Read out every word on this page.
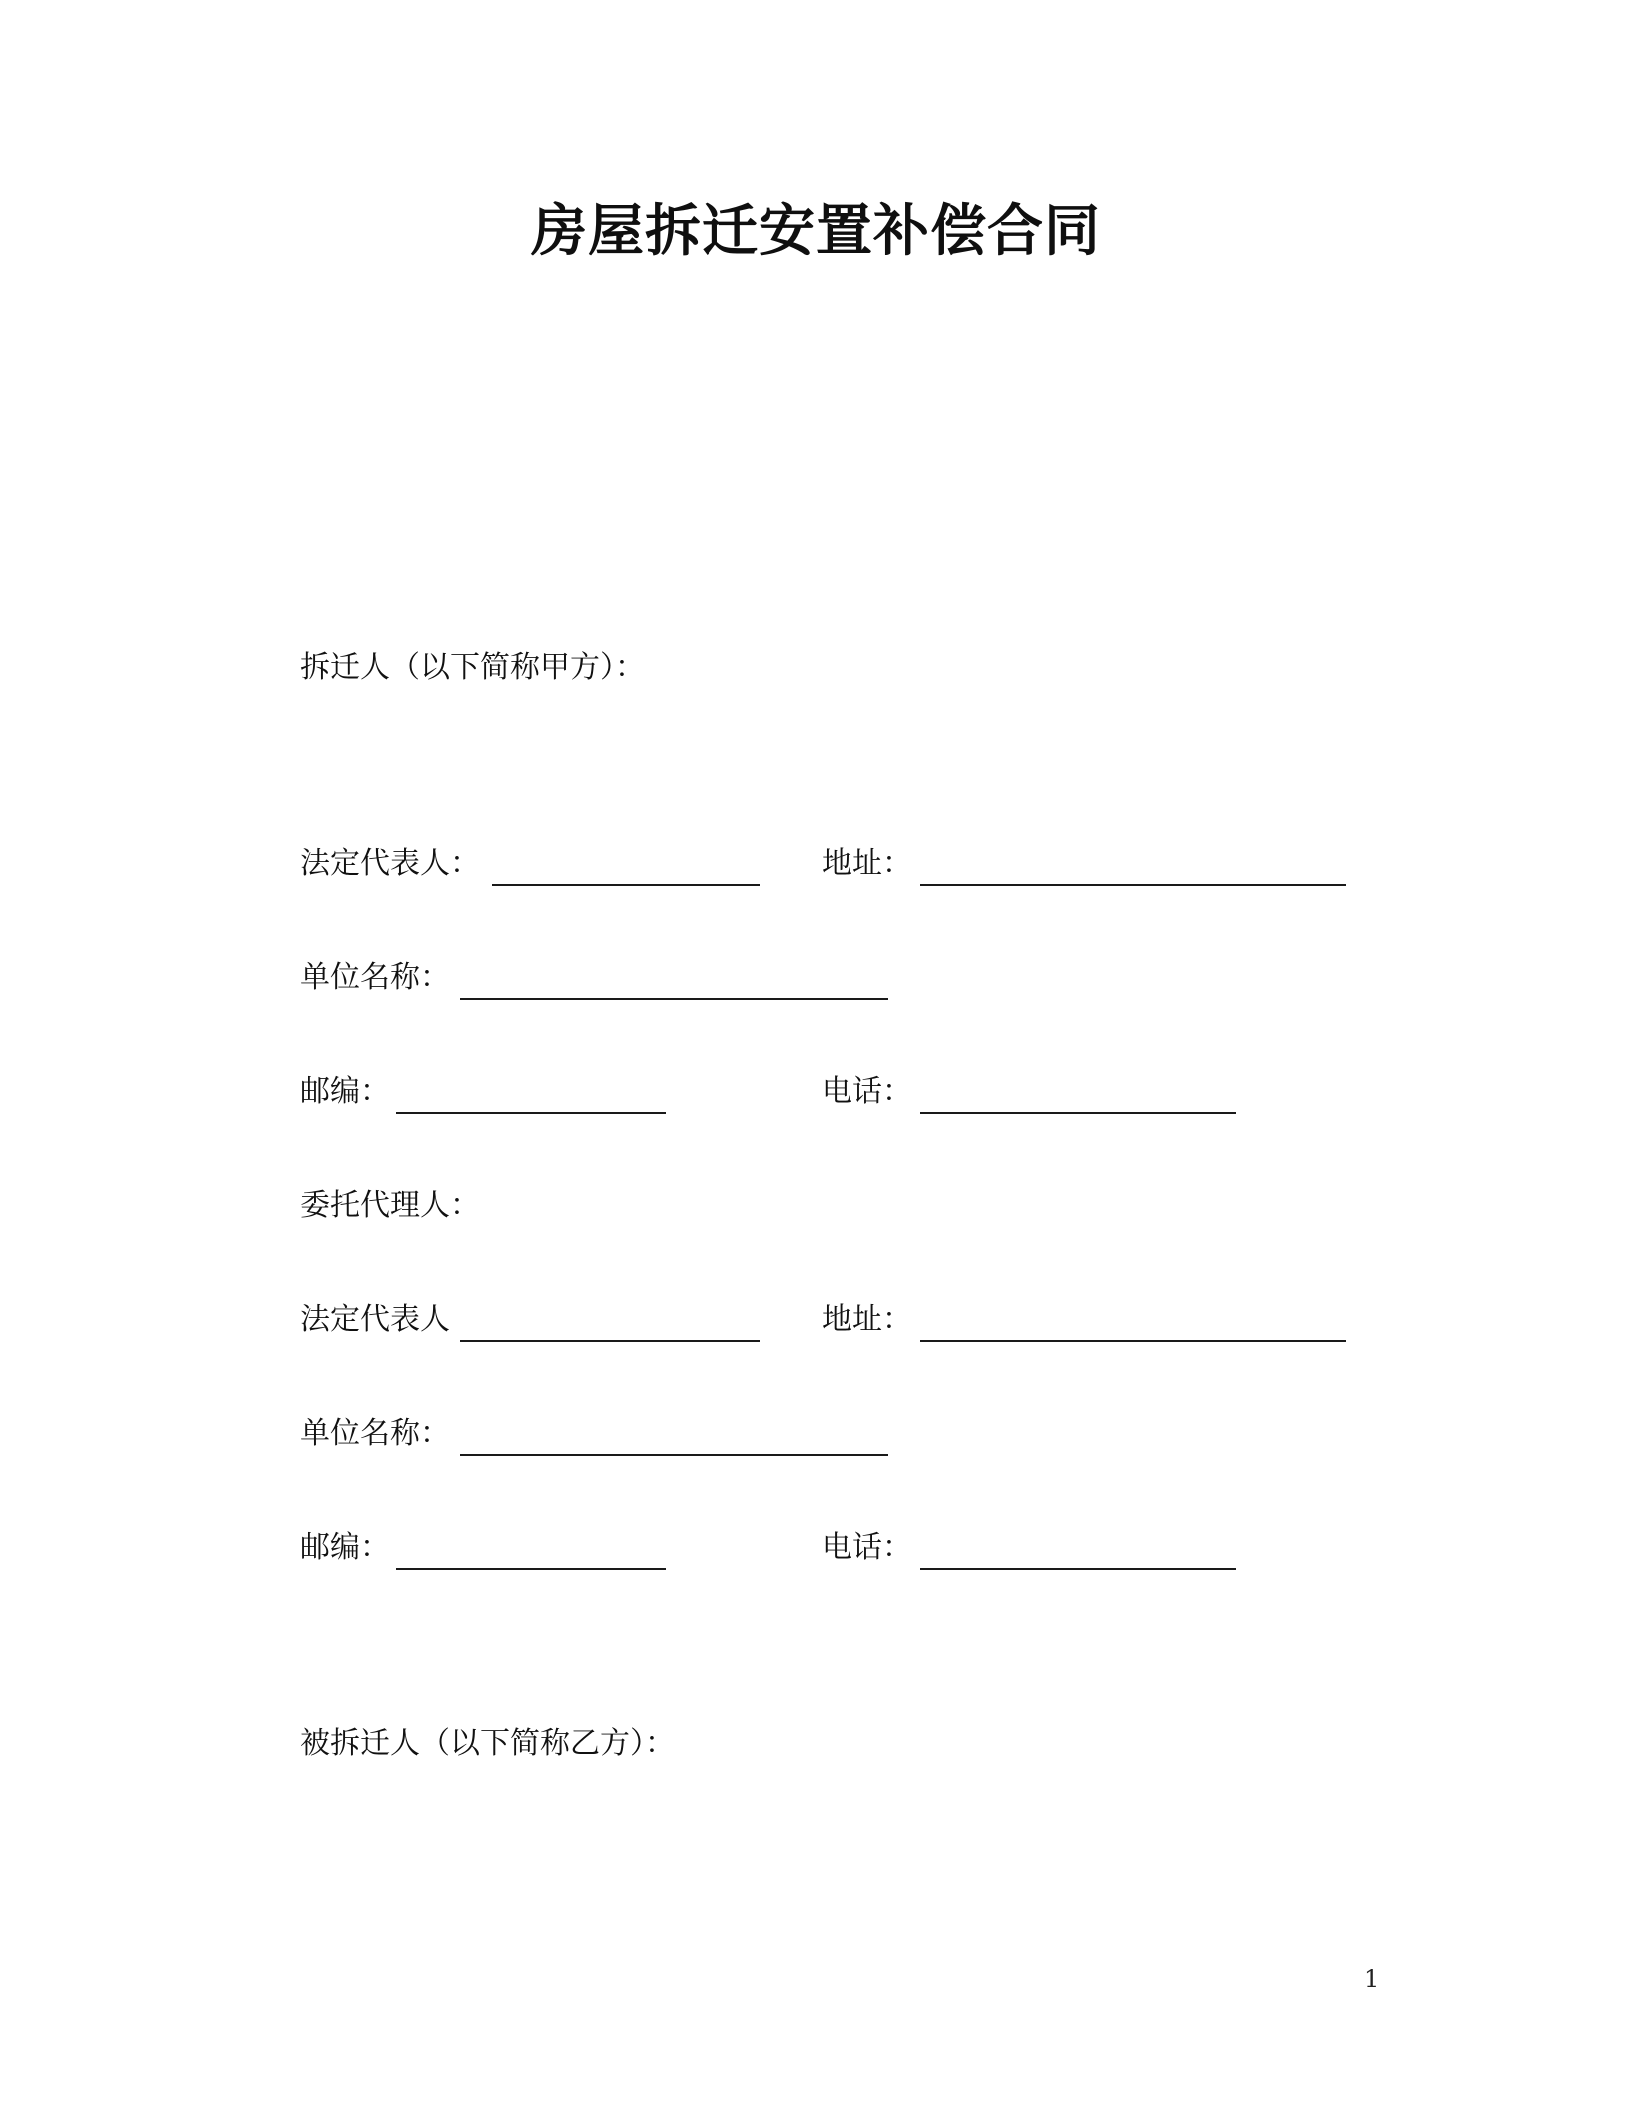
房屋拆迁安置补偿合同
拆迁人（以下简称甲方）：
法定代表人：	地址：
单位名称：
邮编：	电话：
委托代理人：
法定代表人	地址：
单位名称：
邮编：	电话：
被拆迁人（以下简称乙方）：
1
